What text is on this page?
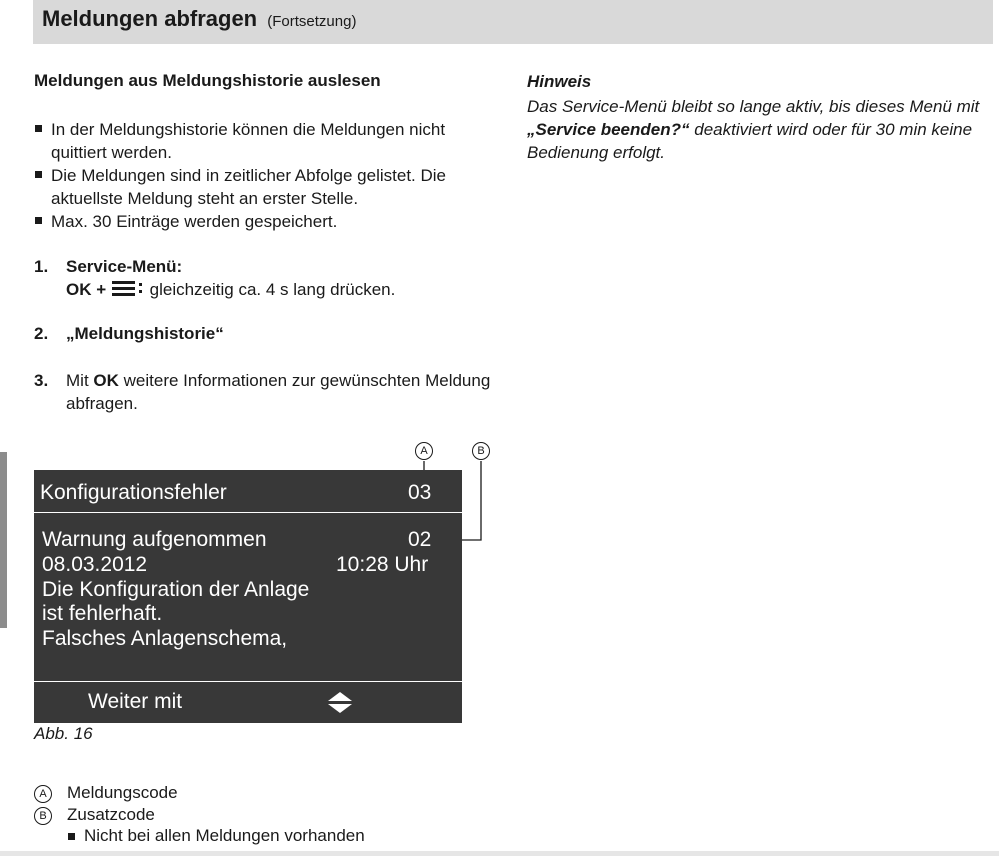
Meldungen abfragen (Fortsetzung)
Meldungen aus Meldungshistorie auslesen
In der Meldungshistorie können die Meldungen nicht quittiert werden.
Die Meldungen sind in zeitlicher Abfolge gelistet. Die aktuellste Meldung steht an erster Stelle.
Max. 30 Einträge werden gespeichert.
1. Service-Menü:
OK +	gleichzeitig ca. 4 s lang drücken.
2. „Meldungshistorie“
3. Mit OK weitere Informationen zur gewünschten Meldung abfragen.
A	B
Konfigurationsfehler	03
Warnung aufgenommen	02
08.03.2012	10:28 Uhr
Die Konfiguration der Anlage
ist fehlerhaft.
Falsches Anlagenschema,
Weiter mit
Abb. 16
A	Meldungscode
B	Zusatzcode
Nicht bei allen Meldungen vorhanden
Hinweis
Das Service-Menü bleibt so lange aktiv, bis dieses Menü mit „Service beenden?“ deaktiviert wird oder für 30 min keine Bedienung erfolgt.
